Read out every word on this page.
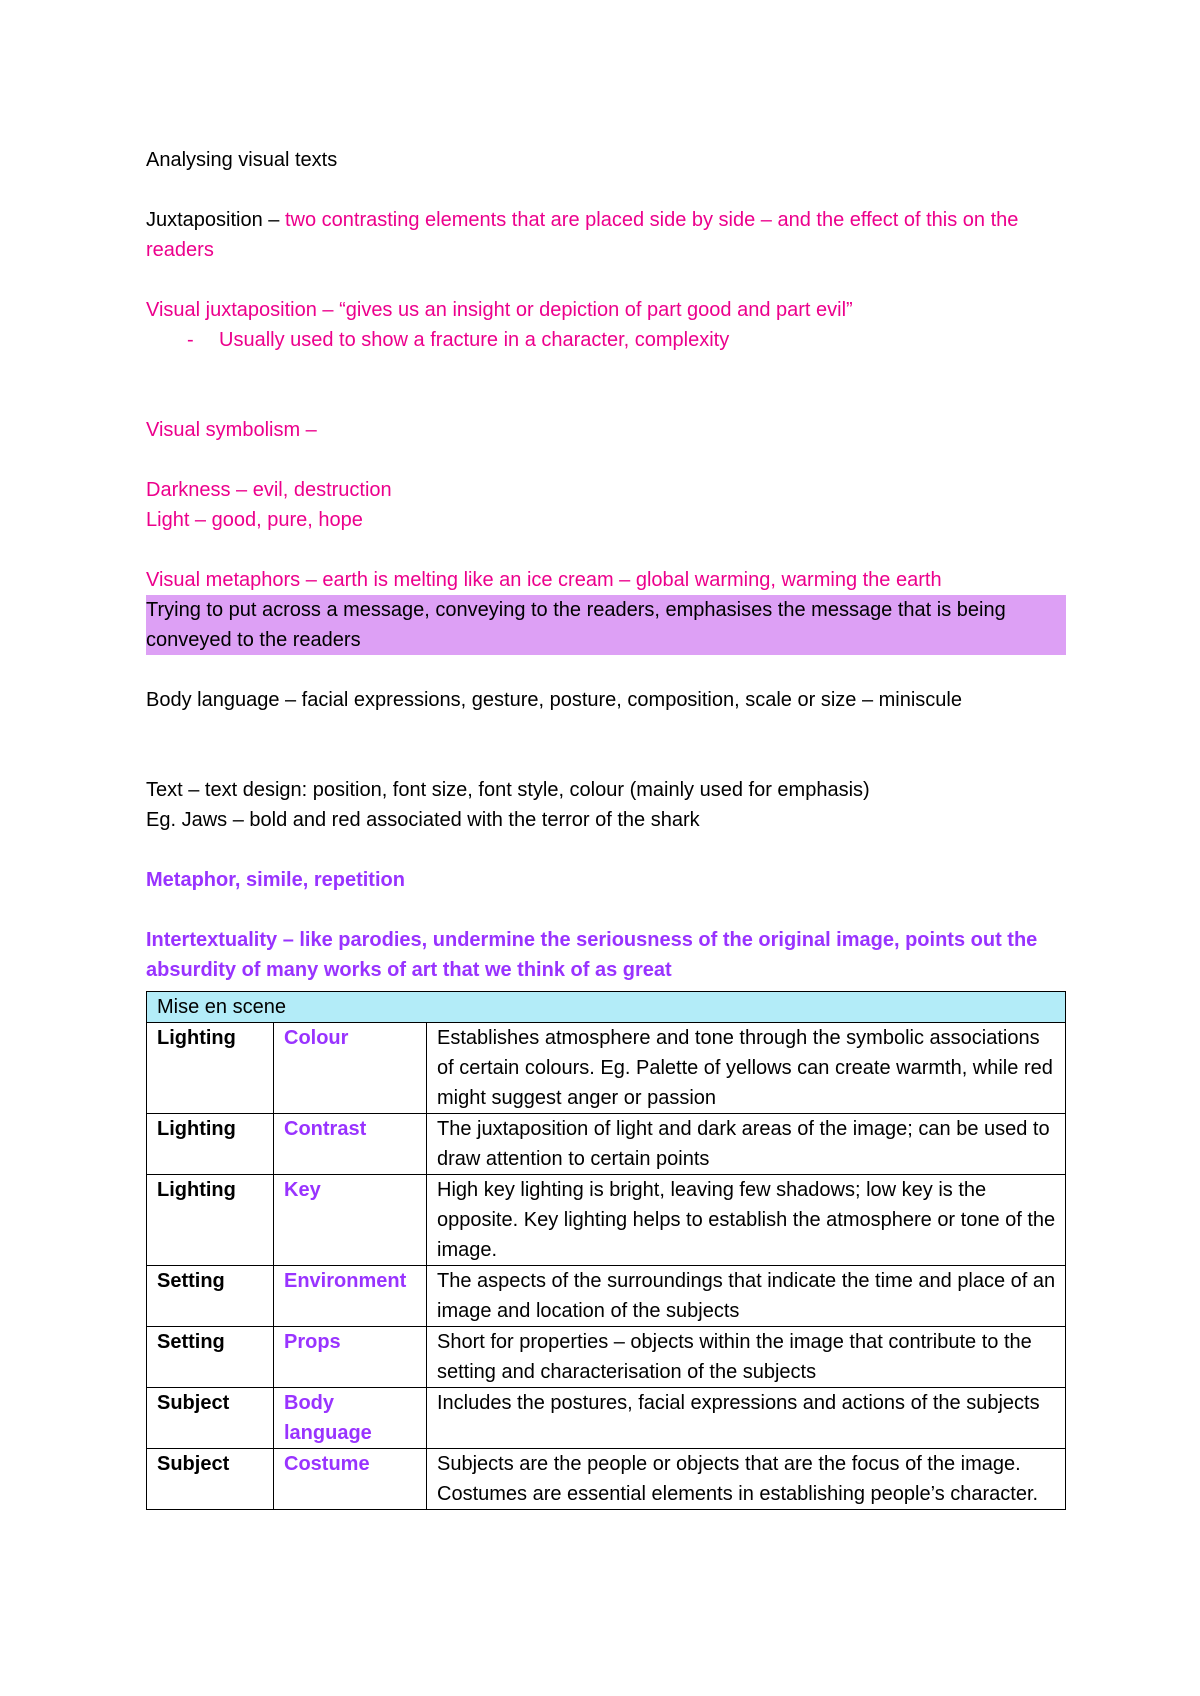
Analysing visual texts

Juxtaposition – two contrasting elements that are placed side by side – and the effect of this on the readers

Visual juxtaposition – “gives us an insight or depiction of part good and part evil”

- Usually used to show a fracture in a character, complexity

Visual symbolism –

Darkness – evil, destruction

Light – good, pure, hope

Visual metaphors – earth is melting like an ice cream – global warming, warming the earth

Trying to put across a message, conveying to the readers, emphasises the message that is being conveyed to the readers

Body language – facial expressions, gesture, posture, composition, scale or size – miniscule

Text – text design: position, font size, font style, colour (mainly used for emphasis)

Eg. Jaws – bold and red associated with the terror of the shark

Metaphor, simile, repetition

Intertextuality – like parodies, undermine the seriousness of the original image, points out the absurdity of many works of art that we think of as great

Mise en scene		
Lighting	Colour	Establishes atmosphere and tone through the symbolic associations of certain colours. Eg. Palette of yellows can create warmth, while red might suggest anger or passion
Lighting	Contrast	The juxtaposition of light and dark areas of the image; can be used to draw attention to certain points
Lighting	Key	High key lighting is bright, leaving few shadows; low key is the opposite. Key lighting helps to establish the atmosphere or tone of the image.
Setting	Environment	The aspects of the surroundings that indicate the time and place of an image and location of the subjects
Setting	Props	Short for properties – objects within the image that contribute to the setting and characterisation of the subjects
Subject	Body language	Includes the postures, facial expressions and actions of the subjects
Subject	Costume	Subjects are the people or objects that are the focus of the image. Costumes are essential elements in establishing people’s character.
